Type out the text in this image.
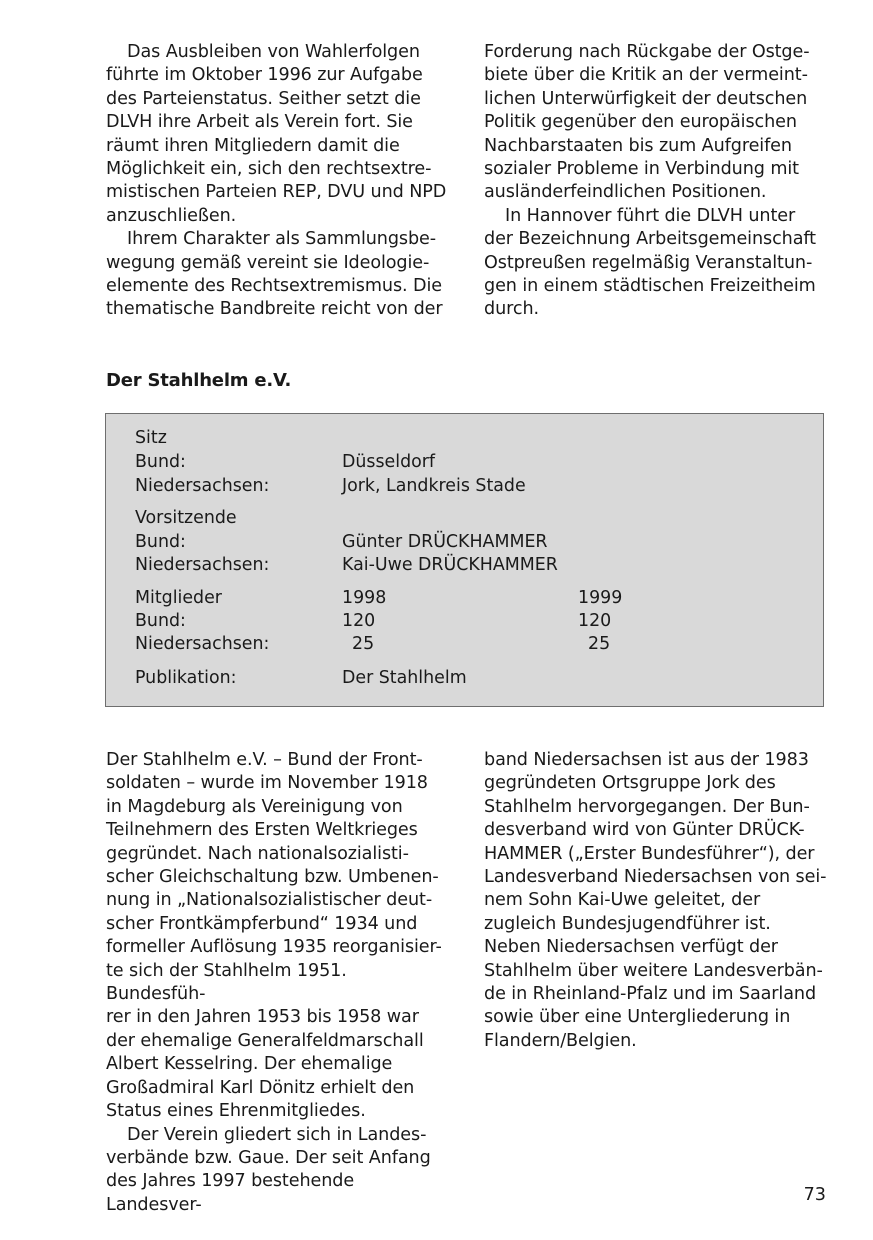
Das Ausbleiben von Wahlerfolgen
führte im Oktober 1996 zur Aufgabe
des Parteienstatus. Seither setzt die
DLVH ihre Arbeit als Verein fort. Sie
räumt ihren Mitgliedern damit die
Möglichkeit ein, sich den rechtsextre-
mistischen Parteien REP, DVU und NPD
anzuschließen.

Ihrem Charakter als Sammlungsbe-
wegung gemäß vereint sie Ideologie-
elemente des Rechtsextremismus. Die
thematische Bandbreite reicht von der

Forderung nach Rückgabe der Ostge-
biete über die Kritik an der vermeint-
lichen Unterwürfigkeit der deutschen
Politik gegenüber den europäischen
Nachbarstaaten bis zum Aufgreifen
sozialer Probleme in Verbindung mit
ausländerfeindlichen Positionen.

In Hannover führt die DLVH unter
der Bezeichnung Arbeitsgemeinschaft
Ostpreußen regelmäßig Veranstaltun-
gen in einem städtischen Freizeitheim
durch.

Der Stahlhelm e.V.
Sitz
Bund:	Düsseldorf
Niedersachsen:	Jork, Landkreis Stade
Vorsitzende
Bund:	Günter DRÜCKHAMMER
Niedersachsen:	Kai-Uwe DRÜCKHAMMER
Mitglieder	1998	1999
Bund:	120	120
Niedersachsen:	25	25
Publikation:	Der Stahlhelm

Der Stahlhelm e.V. – Bund der Front-
soldaten – wurde im November 1918
in Magdeburg als Vereinigung von
Teilnehmern des Ersten Weltkrieges
gegründet. Nach nationalsozialisti-
scher Gleichschaltung bzw. Umbenen-
nung in „Nationalsozialistischer deut-
scher Frontkämpferbund“ 1934 und
formeller Auflösung 1935 reorganisier-
te sich der Stahlhelm 1951. Bundesfüh-
rer in den Jahren 1953 bis 1958 war
der ehemalige Generalfeldmarschall
Albert Kesselring. Der ehemalige
Großadmiral Karl Dönitz erhielt den
Status eines Ehrenmitgliedes.

Der Verein gliedert sich in Landes-
verbände bzw. Gaue. Der seit Anfang
des Jahres 1997 bestehende Landesver-

band Niedersachsen ist aus der 1983
gegründeten Ortsgruppe Jork des
Stahlhelm hervorgegangen. Der Bun-
desverband wird von Günter DRÜCK-
HAMMER („Erster Bundesführer“), der
Landesverband Niedersachsen von sei-
nem Sohn Kai-Uwe geleitet, der
zugleich Bundesjugendführer ist.
Neben Niedersachsen verfügt der
Stahlhelm über weitere Landesverbän-
de in Rheinland-Pfalz und im Saarland
sowie über eine Untergliederung in
Flandern/Belgien.

73
